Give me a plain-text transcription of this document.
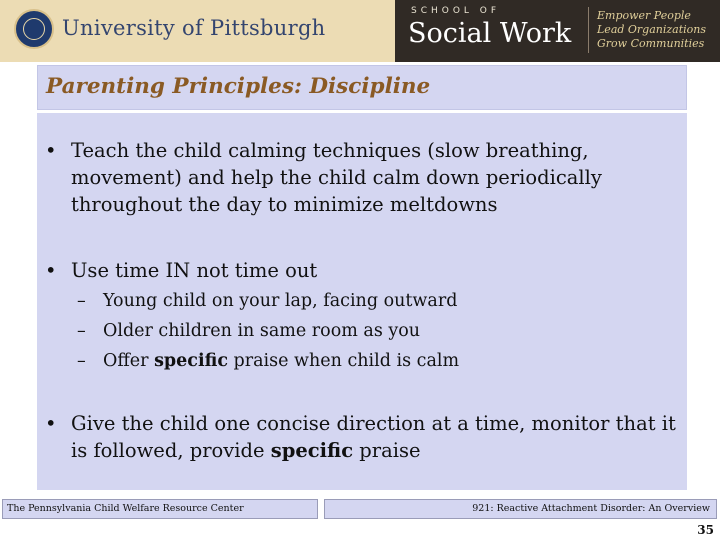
University of Pittsburgh
SCHOOL OF
Social Work
Empower People
Lead Organizations
Grow Communities
Parenting Principles: Discipline
• Teach the child calming techniques (slow breathing, movement) and help the child calm down periodically throughout the day to minimize meltdowns
• Use time IN not time out
– Young child on your lap, facing outward
– Older children in same room as you
– Offer specific praise when child is calm
• Give the child one concise direction at a time, monitor that it is followed, provide specific praise
The Pennsylvania Child Welfare Resource Center	921: Reactive Attachment Disorder: An Overview
35
